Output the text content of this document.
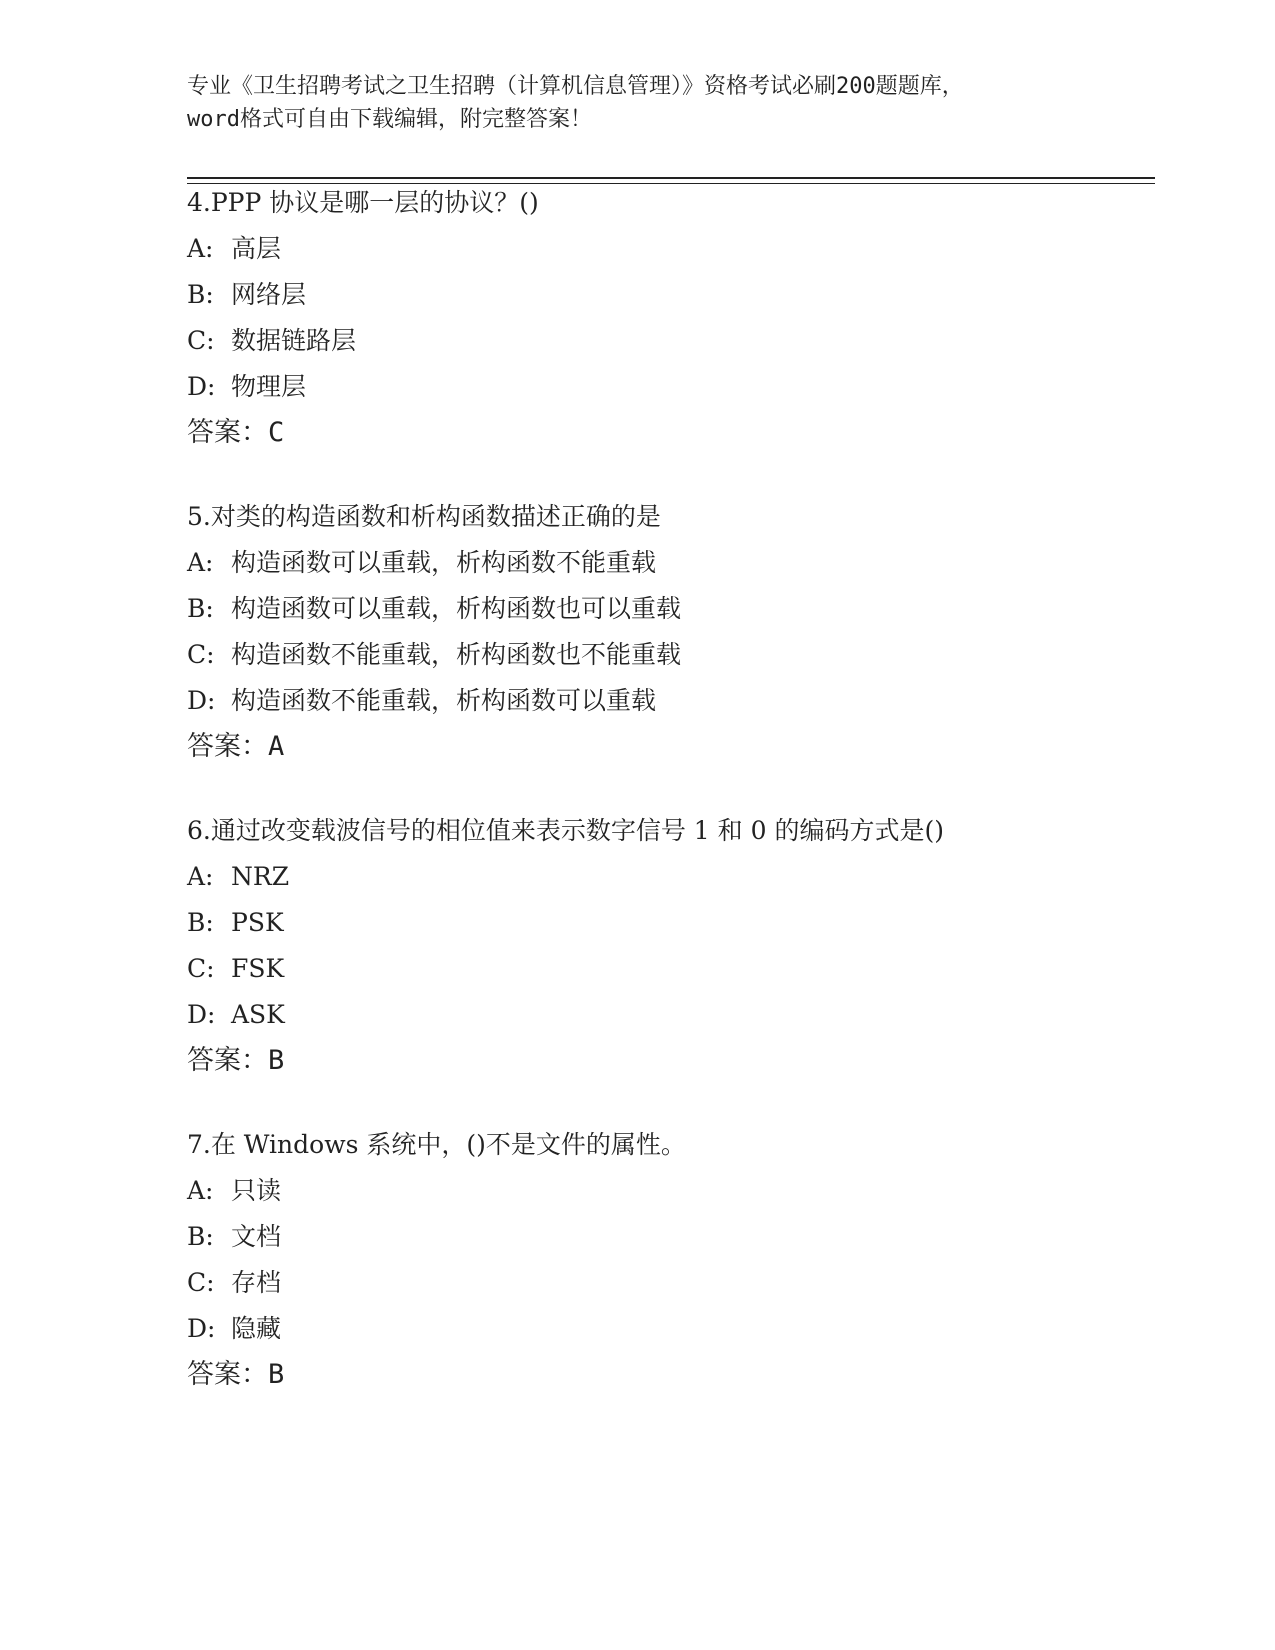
专业《卫生招聘考试之卫生招聘（计算机信息管理）》资格考试必刷200题题库，
word格式可自由下载编辑，附完整答案！
4.PPP 协议是哪一层的协议？()
A: 高层
B: 网络层
C: 数据链路层
D: 物理层
答案：C
5.对类的构造函数和析构函数描述正确的是
A: 构造函数可以重载，析构函数不能重载
B: 构造函数可以重载，析构函数也可以重载
C: 构造函数不能重载，析构函数也不能重载
D: 构造函数不能重载，析构函数可以重载
答案：A
6.通过改变载波信号的相位值来表示数字信号 1 和 0 的编码方式是()
A: NRZ
B: PSK
C: FSK
D: ASK
答案：B
7.在 Windows 系统中，()不是文件的属性。
A: 只读
B: 文档
C: 存档
D: 隐藏
答案：B
